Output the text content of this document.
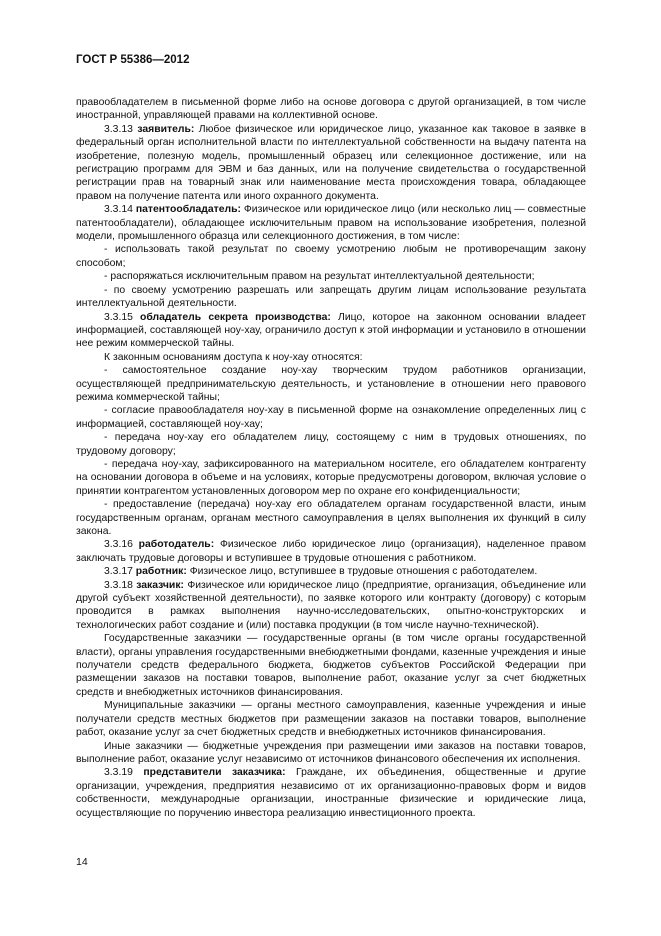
ГОСТ Р 55386—2012

правообладателем в письменной форме либо на основе договора с другой организацией, в том числе иностранной, управляющей правами на коллективной основе.

3.3.13 заявитель: Любое физическое или юридическое лицо, указанное как таковое в заявке в федеральный орган исполнительной власти по интеллектуальной собственности на выдачу патента на изобретение, полезную модель, промышленный образец или селекционное достижение, или на регистрацию программ для ЭВМ и баз данных, или на получение свидетельства о государственной регистрации прав на товарный знак или наименование места происхождения товара, обладающее правом на получение патента или иного охранного документа.

3.3.14 патентообладатель: Физическое или юридическое лицо (или несколько лиц — совместные патентообладатели), обладающее исключительным правом на использование изобретения, полезной модели, промышленного образца или селекционного достижения, в том числе:

- использовать такой результат по своему усмотрению любым не противоречащим закону способом;

- распоряжаться исключительным правом на результат интеллектуальной деятельности;

- по своему усмотрению разрешать или запрещать другим лицам использование результата интеллектуальной деятельности.

3.3.15 обладатель секрета производства: Лицо, которое на законном основании владеет информацией, составляющей ноу-хау, ограничило доступ к этой информации и установило в отношении нее режим коммерческой тайны.

К законным основаниям доступа к ноу-хау относятся:

- самостоятельное создание ноу-хау творческим трудом работников организации, осуществляющей предпринимательскую деятельность, и установление в отношении него правового режима коммерческой тайны;

- согласие правообладателя ноу-хау в письменной форме на ознакомление определенных лиц с информацией, составляющей ноу-хау;

- передача ноу-хау его обладателем лицу, состоящему с ним в трудовых отношениях, по трудовому договору;

- передача ноу-хау, зафиксированного на материальном носителе, его обладателем контрагенту на основании договора в объеме и на условиях, которые предусмотрены договором, включая условие о принятии контрагентом установленных договором мер по охране его конфиденциальности;

- предоставление (передача) ноу-хау его обладателем органам государственной власти, иным государственным органам, органам местного самоуправления в целях выполнения их функций в силу закона.

3.3.16 работодатель: Физическое либо юридическое лицо (организация), наделенное правом заключать трудовые договоры и вступившее в трудовые отношения с работником.

3.3.17 работник: Физическое лицо, вступившее в трудовые отношения с работодателем.

3.3.18 заказчик: Физическое или юридическое лицо (предприятие, организация, объединение или другой субъект хозяйственной деятельности), по заявке которого или контракту (договору) с которым проводится в рамках выполнения научно-исследовательских, опытно-конструкторских и технологических работ создание и (или) поставка продукции (в том числе научно-технической).

Государственные заказчики — государственные органы (в том числе органы государственной власти), органы управления государственными внебюджетными фондами, казенные учреждения и иные получатели средств федерального бюджета, бюджетов субъектов Российской Федерации при размещении заказов на поставки товаров, выполнение работ, оказание услуг за счет бюджетных средств и внебюджетных источников финансирования.

Муниципальные заказчики — органы местного самоуправления, казенные учреждения и иные получатели средств местных бюджетов при размещении заказов на поставки товаров, выполнение работ, оказание услуг за счет бюджетных средств и внебюджетных источников финансирования.

Иные заказчики — бюджетные учреждения при размещении ими заказов на поставки товаров, выполнение работ, оказание услуг независимо от источников финансового обеспечения их исполнения.

3.3.19 представители заказчика: Граждане, их объединения, общественные и другие организации, учреждения, предприятия независимо от их организационно-правовых форм и видов собственности, международные организации, иностранные физические и юридические лица, осуществляющие по поручению инвестора реализацию инвестиционного проекта.

14
